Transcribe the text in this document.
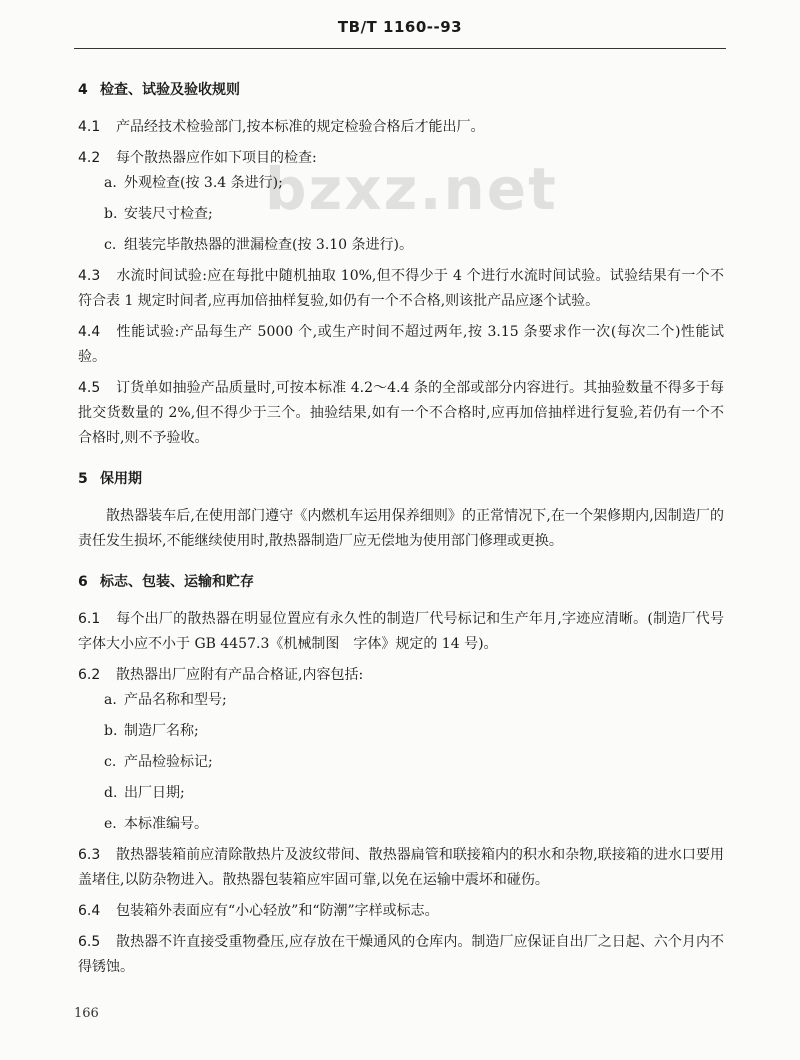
TB/T 1160--93
bzxz.net
4 检查、试验及验收规则

4.1 产品经技术检验部门,按本标准的规定检验合格后才能出厂。

4.2 每个散热器应作如下项目的检查:

a. 外观检查(按 3.4 条进行);

b. 安装尺寸检查;

c. 组装完毕散热器的泄漏检查(按 3.10 条进行)。

4.3 水流时间试验:应在每批中随机抽取 10%,但不得少于 4 个进行水流时间试验。试验结果有一个不符合表 1 规定时间者,应再加倍抽样复验,如仍有一个不合格,则该批产品应逐个试验。

4.4 性能试验:产品每生产 5000 个,或生产时间不超过两年,按 3.15 条要求作一次(每次二个)性能试验。

4.5 订货单如抽验产品质量时,可按本标准 4.2～4.4 条的全部或部分内容进行。其抽验数量不得多于每批交货数量的 2%,但不得少于三个。抽验结果,如有一个不合格时,应再加倍抽样进行复验,若仍有一个不合格时,则不予验收。

5 保用期

散热器装车后,在使用部门遵守《内燃机车运用保养细则》的正常情况下,在一个架修期内,因制造厂的责任发生损坏,不能继续使用时,散热器制造厂应无偿地为使用部门修理或更换。

6 标志、包装、运输和贮存

6.1 每个出厂的散热器在明显位置应有永久性的制造厂代号标记和生产年月,字迹应清晰。(制造厂代号字体大小应不小于 GB 4457.3《机械制图　字体》规定的 14 号)。

6.2 散热器出厂应附有产品合格证,内容包括:

a. 产品名称和型号;

b. 制造厂名称;

c. 产品检验标记;

d. 出厂日期;

e. 本标准编号。

6.3 散热器装箱前应清除散热片及波纹带间、散热器扁管和联接箱内的积水和杂物,联接箱的进水口要用盖堵住,以防杂物进入。散热器包装箱应牢固可靠,以免在运输中震坏和碰伤。

6.4 包装箱外表面应有“小心轻放”和“防潮”字样或标志。

6.5 散热器不许直接受重物叠压,应存放在干燥通风的仓库内。制造厂应保证自出厂之日起、六个月内不得锈蚀。

166
